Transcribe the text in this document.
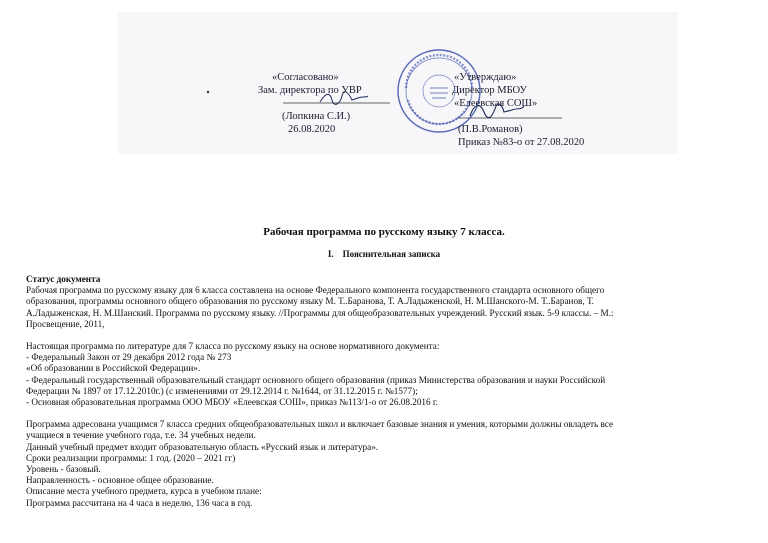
«Согласовано»
Зам. директора по УВР
(Лопкина С.И.)
26.08.2020
«Утверждаю»
Директор МБОУ
«Елеевская СОШ»
(П.В.Романов)
Приказ №83-о от 27.08.2020
Рабочая программа по русскому языку 7 класса.
I.    Пояснительная записка
Статус документа
Рабочая программа по русскому языку для 6 класса составлена на основе Федерального компонента государственного стандарта основного общего
образования, программы основного общего образования по русскому языку М. Т..Баранова, Т. А.Ладыженской, Н. М.Шанского-М. Т..Баранов, Т.
А.Ладыженская, Н. М.Шанский. Программа по русскому языку. //Программы для общеобразовательных учреждений. Русский язык. 5-9 классы. – М.:
Просвещение, 2011,
Настоящая программа по литературе для 7 класса по русскому языку на основе нормативного документа:
- Федеральный Закон от 29 декабря 2012 года № 273
«Об образовании в Российской Федерации».
- Федеральный государственный образовательный стандарт основного общего образования (приказ Министерства образования и науки Российской
Федерации № 1897 от 17.12.2010г.) (с изменениями от 29.12.2014 г. №1644, от 31.12.2015 г. №1577);
- Основная образовательная программа ООО МБОУ «Елеевская СОШ», приказ №113/1-о от 26.08.2016 г.
Программа адресована учащимся 7 класса средних общеобразовательных школ и включает базовые знания и умения, которыми должны овладеть все
учащиеся в течение учебного года, т.е. 34 учебных недели.
Данный учебный предмет входит образовательную область «Русский язык и литература».
Сроки реализации программы: 1 год. (2020 – 2021 гг)
Уровень - базовый.
Направленность - основное общее образование.
Описание места учебного предмета, курса в учебном плане:
Программа рассчитана на 4 часа в неделю, 136 часа в год.
